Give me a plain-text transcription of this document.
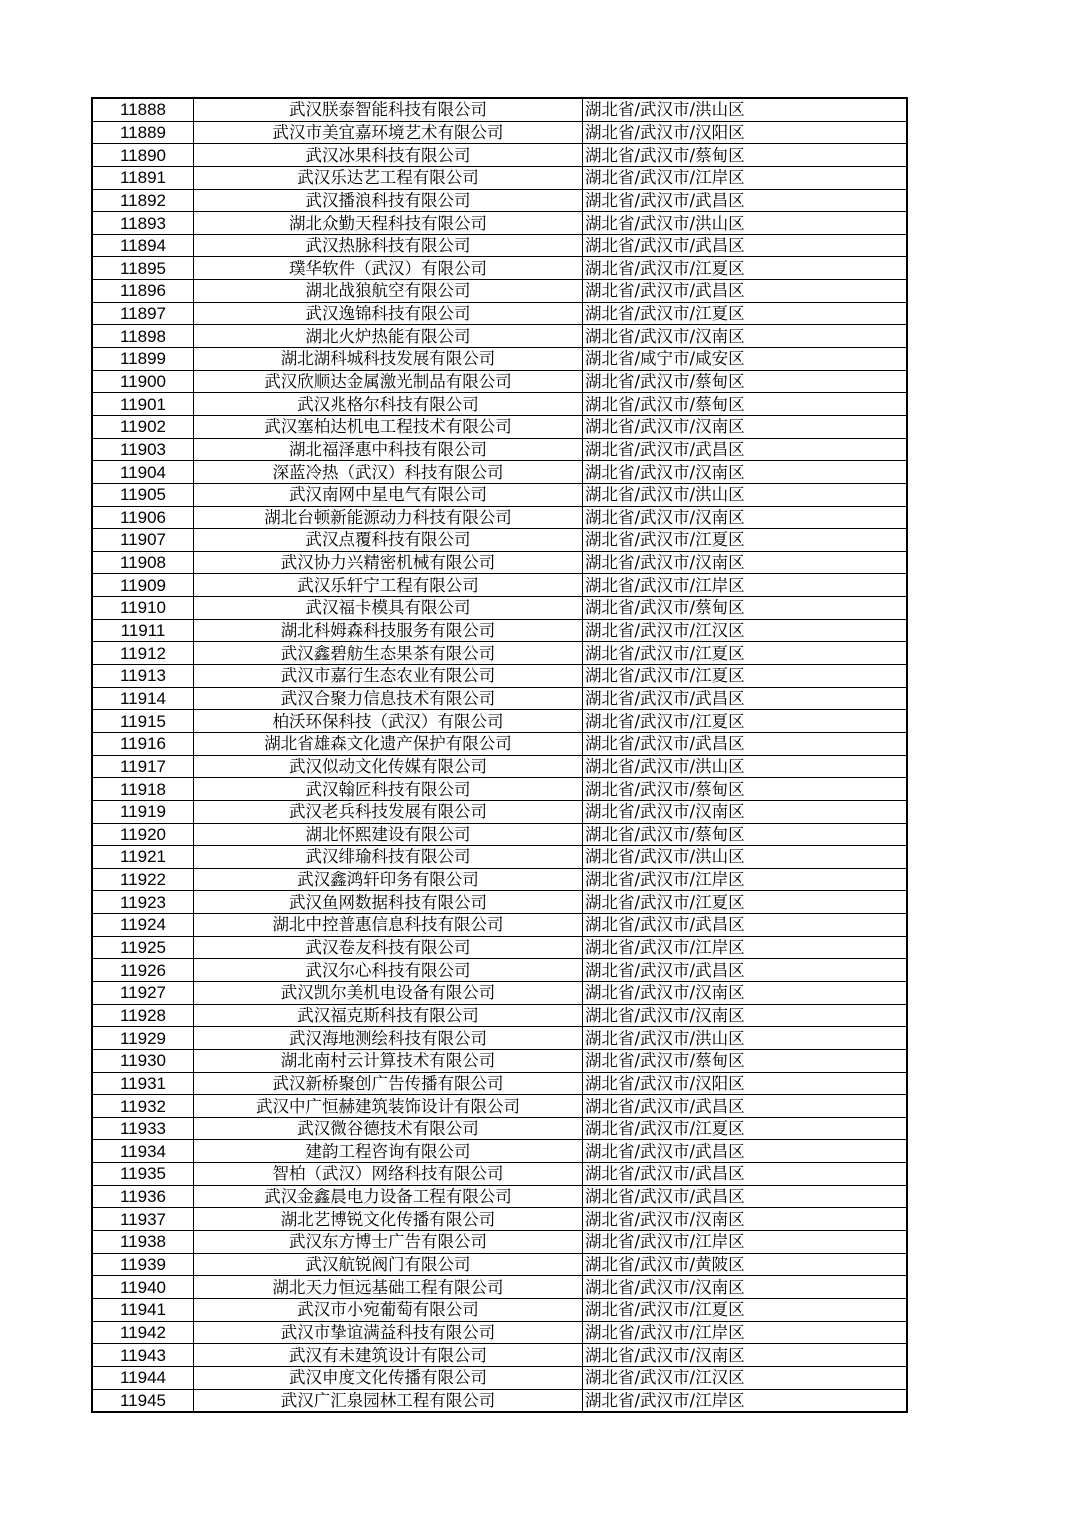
11888	武汉朕泰智能科技有限公司	湖北省/武汉市/洪山区
11889	武汉市美宜嘉环境艺术有限公司	湖北省/武汉市/汉阳区
11890	武汉冰果科技有限公司	湖北省/武汉市/蔡甸区
11891	武汉乐达艺工程有限公司	湖北省/武汉市/江岸区
11892	武汉播浪科技有限公司	湖北省/武汉市/武昌区
11893	湖北众勤天程科技有限公司	湖北省/武汉市/洪山区
11894	武汉热脉科技有限公司	湖北省/武汉市/武昌区
11895	璞华软件（武汉）有限公司	湖北省/武汉市/江夏区
11896	湖北战狼航空有限公司	湖北省/武汉市/武昌区
11897	武汉逸锦科技有限公司	湖北省/武汉市/江夏区
11898	湖北火炉热能有限公司	湖北省/武汉市/汉南区
11899	湖北湖科城科技发展有限公司	湖北省/咸宁市/咸安区
11900	武汉欣顺达金属激光制品有限公司	湖北省/武汉市/蔡甸区
11901	武汉兆格尔科技有限公司	湖北省/武汉市/蔡甸区
11902	武汉塞柏达机电工程技术有限公司	湖北省/武汉市/汉南区
11903	湖北福泽惠中科技有限公司	湖北省/武汉市/武昌区
11904	深蓝冷热（武汉）科技有限公司	湖北省/武汉市/汉南区
11905	武汉南网中星电气有限公司	湖北省/武汉市/洪山区
11906	湖北台顿新能源动力科技有限公司	湖北省/武汉市/汉南区
11907	武汉点覆科技有限公司	湖北省/武汉市/江夏区
11908	武汉协力兴精密机械有限公司	湖北省/武汉市/汉南区
11909	武汉乐轩宁工程有限公司	湖北省/武汉市/江岸区
11910	武汉福卡模具有限公司	湖北省/武汉市/蔡甸区
11911	湖北科姆森科技服务有限公司	湖北省/武汉市/江汉区
11912	武汉鑫碧舫生态果茶有限公司	湖北省/武汉市/江夏区
11913	武汉市嘉行生态农业有限公司	湖北省/武汉市/江夏区
11914	武汉合聚力信息技术有限公司	湖北省/武汉市/武昌区
11915	柏沃环保科技（武汉）有限公司	湖北省/武汉市/江夏区
11916	湖北省雄森文化遗产保护有限公司	湖北省/武汉市/武昌区
11917	武汉似动文化传媒有限公司	湖北省/武汉市/洪山区
11918	武汉翰匠科技有限公司	湖北省/武汉市/蔡甸区
11919	武汉老兵科技发展有限公司	湖北省/武汉市/汉南区
11920	湖北怀熙建设有限公司	湖北省/武汉市/蔡甸区
11921	武汉绯瑜科技有限公司	湖北省/武汉市/洪山区
11922	武汉鑫鸿轩印务有限公司	湖北省/武汉市/江岸区
11923	武汉鱼网数据科技有限公司	湖北省/武汉市/江夏区
11924	湖北中控普惠信息科技有限公司	湖北省/武汉市/武昌区
11925	武汉卷友科技有限公司	湖北省/武汉市/江岸区
11926	武汉尔心科技有限公司	湖北省/武汉市/武昌区
11927	武汉凯尔美机电设备有限公司	湖北省/武汉市/汉南区
11928	武汉福克斯科技有限公司	湖北省/武汉市/汉南区
11929	武汉海地测绘科技有限公司	湖北省/武汉市/洪山区
11930	湖北南村云计算技术有限公司	湖北省/武汉市/蔡甸区
11931	武汉新桥聚创广告传播有限公司	湖北省/武汉市/汉阳区
11932	武汉中广恒赫建筑装饰设计有限公司	湖北省/武汉市/武昌区
11933	武汉微谷德技术有限公司	湖北省/武汉市/江夏区
11934	建韵工程咨询有限公司	湖北省/武汉市/武昌区
11935	智柏（武汉）网络科技有限公司	湖北省/武汉市/武昌区
11936	武汉金鑫晨电力设备工程有限公司	湖北省/武汉市/武昌区
11937	湖北艺博锐文化传播有限公司	湖北省/武汉市/汉南区
11938	武汉东方博士广告有限公司	湖北省/武汉市/江岸区
11939	武汉航锐阀门有限公司	湖北省/武汉市/黄陂区
11940	湖北天力恒远基础工程有限公司	湖北省/武汉市/汉南区
11941	武汉市小宛葡萄有限公司	湖北省/武汉市/江夏区
11942	武汉市挚谊满益科技有限公司	湖北省/武汉市/江岸区
11943	武汉有未建筑设计有限公司	湖北省/武汉市/汉南区
11944	武汉申度文化传播有限公司	湖北省/武汉市/江汉区
11945	武汉广汇泉园林工程有限公司	湖北省/武汉市/江岸区
